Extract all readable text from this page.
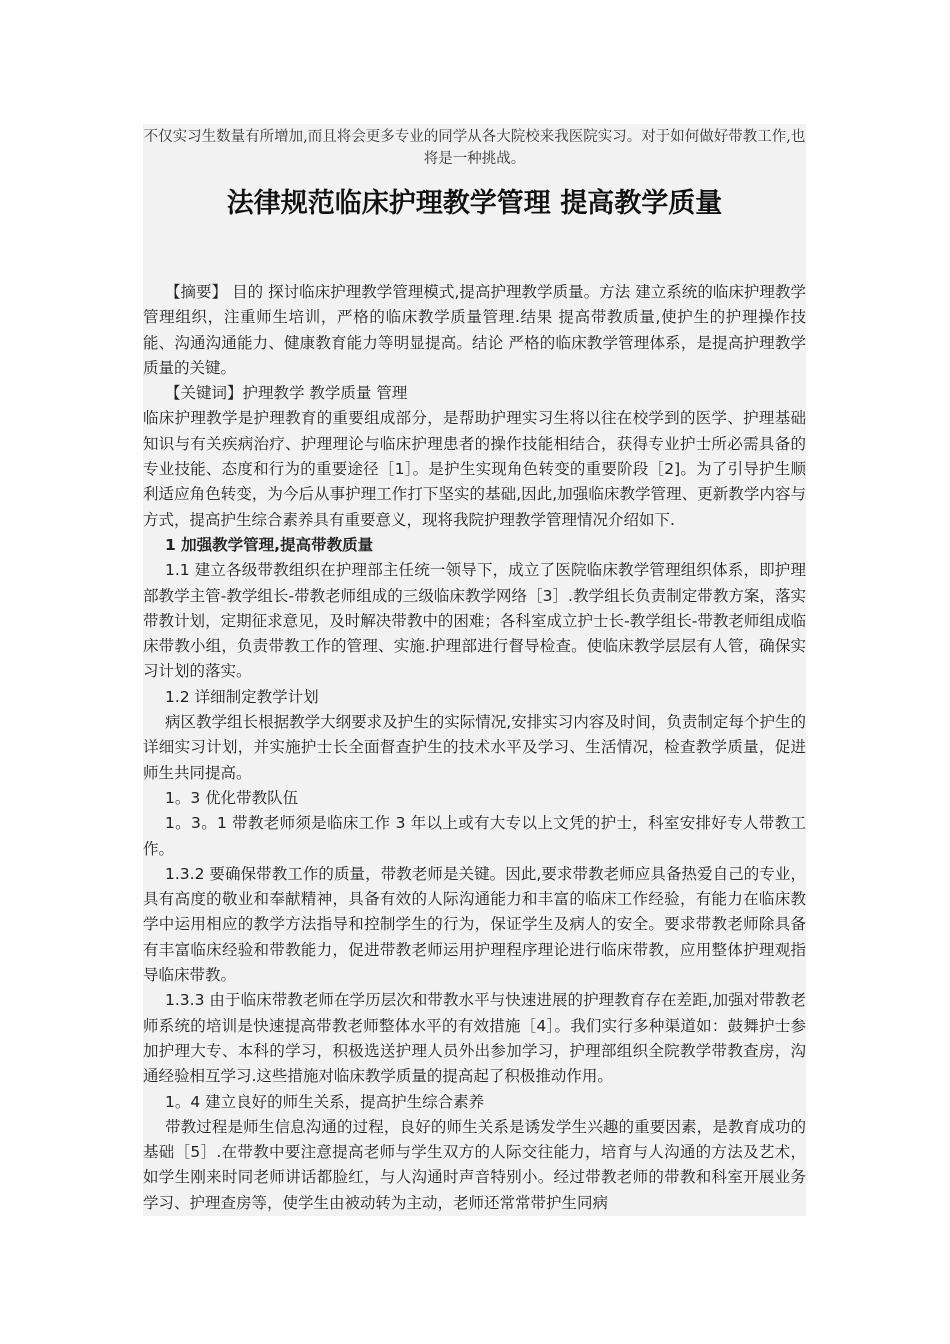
不仅实习生数量有所增加,而且将会更多专业的同学从各大院校来我医院实习。对于如何做好带教工作,也将是一种挑战。
法律规范临床护理教学管理 提高教学质量

【摘要】 目的 探讨临床护理教学管理模式,提高护理教学质量。方法 建立系统的临床护理教学管理组织，注重师生培训，严格的临床教学质量管理.结果 提高带教质量,使护生的护理操作技能、沟通沟通能力、健康教育能力等明显提高。结论 严格的临床教学管理体系，是提高护理教学质量的关键。

【关键词】护理教学 教学质量 管理

临床护理教学是护理教育的重要组成部分，是帮助护理实习生将以往在校学到的医学、护理基础知识与有关疾病治疗、护理理论与临床护理患者的操作技能相结合，获得专业护士所必需具备的专业技能、态度和行为的重要途径［1］。是护生实现角色转变的重要阶段［2]。为了引导护生顺利适应角色转变，为今后从事护理工作打下坚实的基础,因此,加强临床教学管理、更新教学内容与方式，提高护生综合素养具有重要意义，现将我院护理教学管理情况介绍如下.

1 加强教学管理,提高带教质量

1.1 建立各级带教组织在护理部主任统一领导下，成立了医院临床教学管理组织体系，即护理部教学主管-教学组长-带教老师组成的三级临床教学网络［3］.教学组长负责制定带教方案，落实带教计划，定期征求意见，及时解决带教中的困难；各科室成立护士长-教学组长-带教老师组成临床带教小组，负责带教工作的管理、实施.护理部进行督导检查。使临床教学层层有人管，确保实习计划的落实。

1.2 详细制定教学计划

病区教学组长根据教学大纲要求及护生的实际情况,安排实习内容及时间，负责制定每个护生的详细实习计划，并实施护士长全面督查护生的技术水平及学习、生活情况，检查教学质量，促进师生共同提高。

1。3 优化带教队伍

1。3。1 带教老师须是临床工作 3 年以上或有大专以上文凭的护士，科室安排好专人带教工作。

1.3.2 要确保带教工作的质量，带教老师是关键。因此,要求带教老师应具备热爱自己的专业，具有高度的敬业和奉献精神，具备有效的人际沟通能力和丰富的临床工作经验，有能力在临床教学中运用相应的教学方法指导和控制学生的行为，保证学生及病人的安全。要求带教老师除具备有丰富临床经验和带教能力，促进带教老师运用护理程序理论进行临床带教，应用整体护理观指导临床带教。

1.3.3 由于临床带教老师在学历层次和带教水平与快速进展的护理教育存在差距,加强对带教老师系统的培训是快速提高带教老师整体水平的有效措施［4］。我们实行多种渠道如：鼓舞护士参加护理大专、本科的学习，积极选送护理人员外出参加学习，护理部组织全院教学带教查房，沟通经验相互学习.这些措施对临床教学质量的提高起了积极推动作用。

1。4 建立良好的师生关系，提高护生综合素养

带教过程是师生信息沟通的过程，良好的师生关系是诱发学生兴趣的重要因素，是教育成功的基础［5］.在带教中要注意提高老师与学生双方的人际交往能力，培育与人沟通的方法及艺术，如学生刚来时同老师讲话都脸红，与人沟通时声音特别小。经过带教老师的带教和科室开展业务学习、护理查房等，使学生由被动转为主动，老师还常常带护生同病
